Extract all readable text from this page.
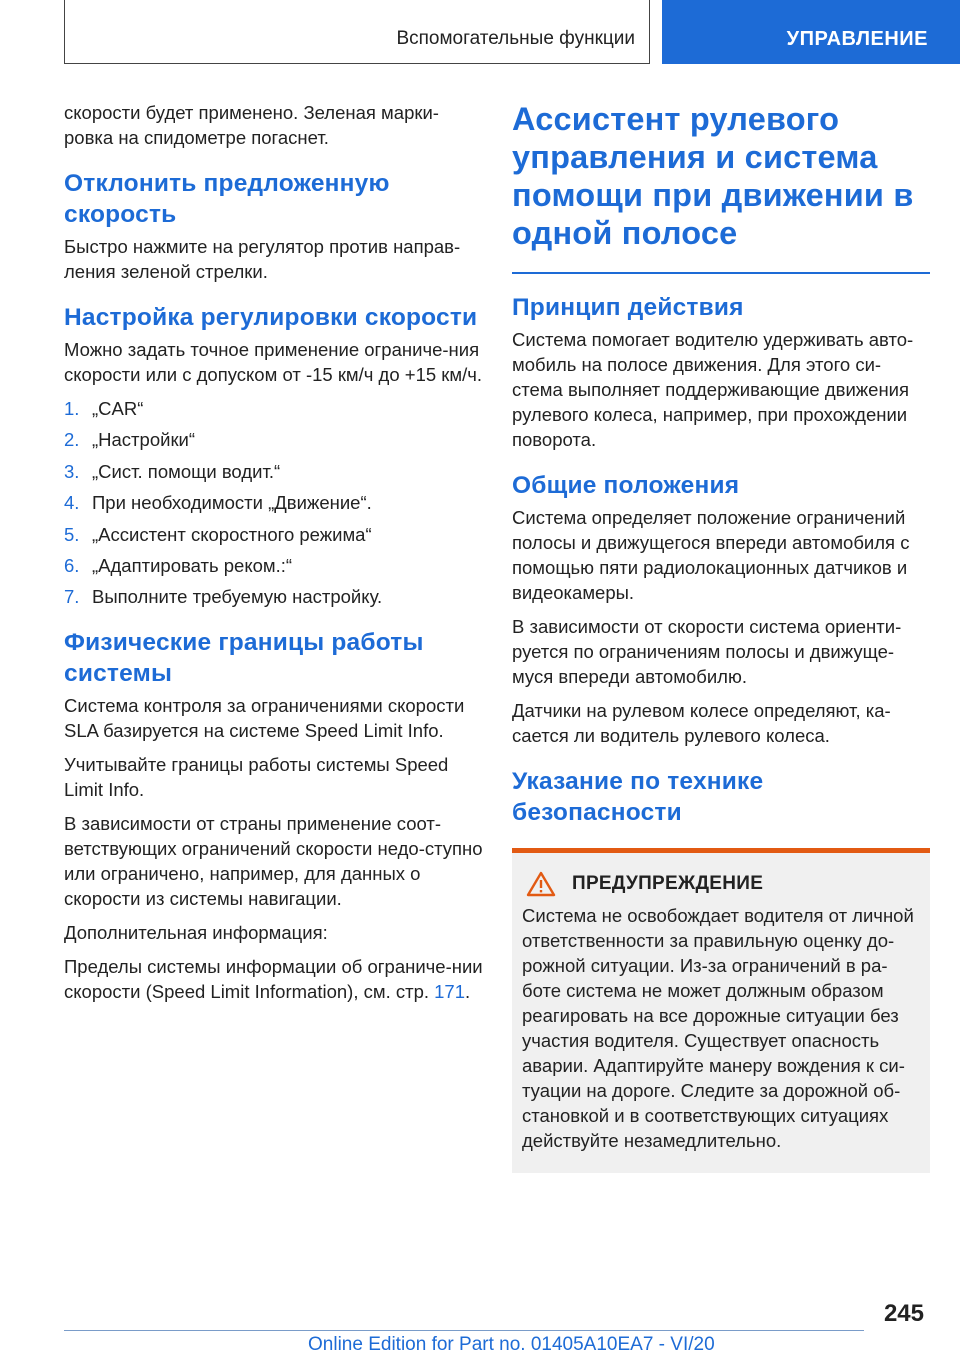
Вспомогательные функции	УПРАВЛЕНИЕ

скорости будет применено. Зеленая марки-ровка на спидометре погаснет.

Отклонить предложенную скорость

Быстро нажмите на регулятор против направ-ления зеленой стрелки.

Настройка регулировки скорости

Можно задать точное применение ограниче-ния скорости или с допуском от -15 км/ч до +15 км/ч.

1. „CAR“
2. „Настройки“
3. „Сист. помощи водит.“
4. При необходимости „Движение“.
5. „Ассистент скоростного режима“
6. „Адаптировать реком.:“
7. Выполните требуемую настройку.
Физические границы работы системы

Система контроля за ограничениями скорости SLA базируется на системе Speed Limit Info.

Учитывайте границы работы системы Speed Limit Info.

В зависимости от страны применение соот-ветствующих ограничений скорости недо-ступно или ограничено, например, для данных о скорости из системы навигации.

Дополнительная информация:

Пределы системы информации об ограниче-нии скорости (Speed Limit Information), см. стр. 171.

Ассистент рулевого управления и система помощи при движении в одной полосе
Принцип действия

Система помогает водителю удерживать авто-мобиль на полосе движения. Для этого си-стема выполняет поддерживающие движения рулевого колеса, например, при прохождении поворота.

Общие положения

Система определяет положение ограничений полосы и движущегося впереди автомобиля с помощью пяти радиолокационных датчиков и видеокамеры.

В зависимости от скорости система ориенти-руется по ограничениям полосы и движуще-муся впереди автомобилю.

Датчики на рулевом колесе определяют, ка-сается ли водитель рулевого колеса.

Указание по технике безопасности
ПРЕДУПРЕЖДЕНИЕ

Система не освобождает водителя от личной ответственности за правильную оценку до-рожной ситуации. Из-за ограничений в ра-боте система не может должным образом реагировать на все дорожные ситуации без участия водителя. Существует опасность аварии. Адаптируйте манеру вождения к си-туации на дороге. Следите за дорожной об-становкой и в соответствующих ситуациях действуйте незамедлительно.

245
Online Edition for Part no. 01405A10EA7 - VI/20
